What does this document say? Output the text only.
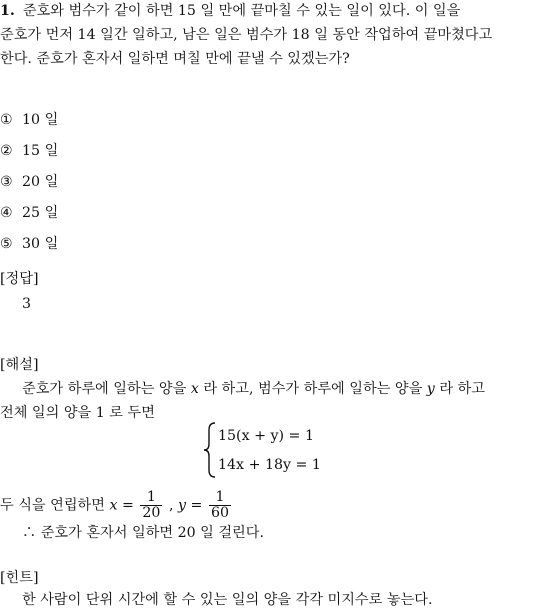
1. 준호와 범수가 같이 하면 15 일 만에 끝마칠 수 있는 일이 있다. 이 일을
준호가 먼저 14 일간 일하고, 남은 일은 범수가 18 일 동안 작업하여 끝마쳤다고
한다. 준호가 혼자서 일하면 며칠 만에 끝낼 수 있겠는가?
① 10 일
② 15 일
③ 20 일
④ 25 일
⑤ 30 일
[정답]
3
[해설]
준호가 하루에 일하는 양을 x 라 하고, 범수가 하루에 일하는 양을 y 라 하고
전체 일의 양을 1 로 두면
15(x + y) = 1
14x + 18y = 1
두 식을 연립하면 $x = \frac{1}{20}$ , $y = \frac{1}{60}$
∴ 준호가 혼자서 일하면 20 일 걸린다.
[힌트]
한 사람이 단위 시간에 할 수 있는 일의 양을 각각 미지수로 놓는다.
